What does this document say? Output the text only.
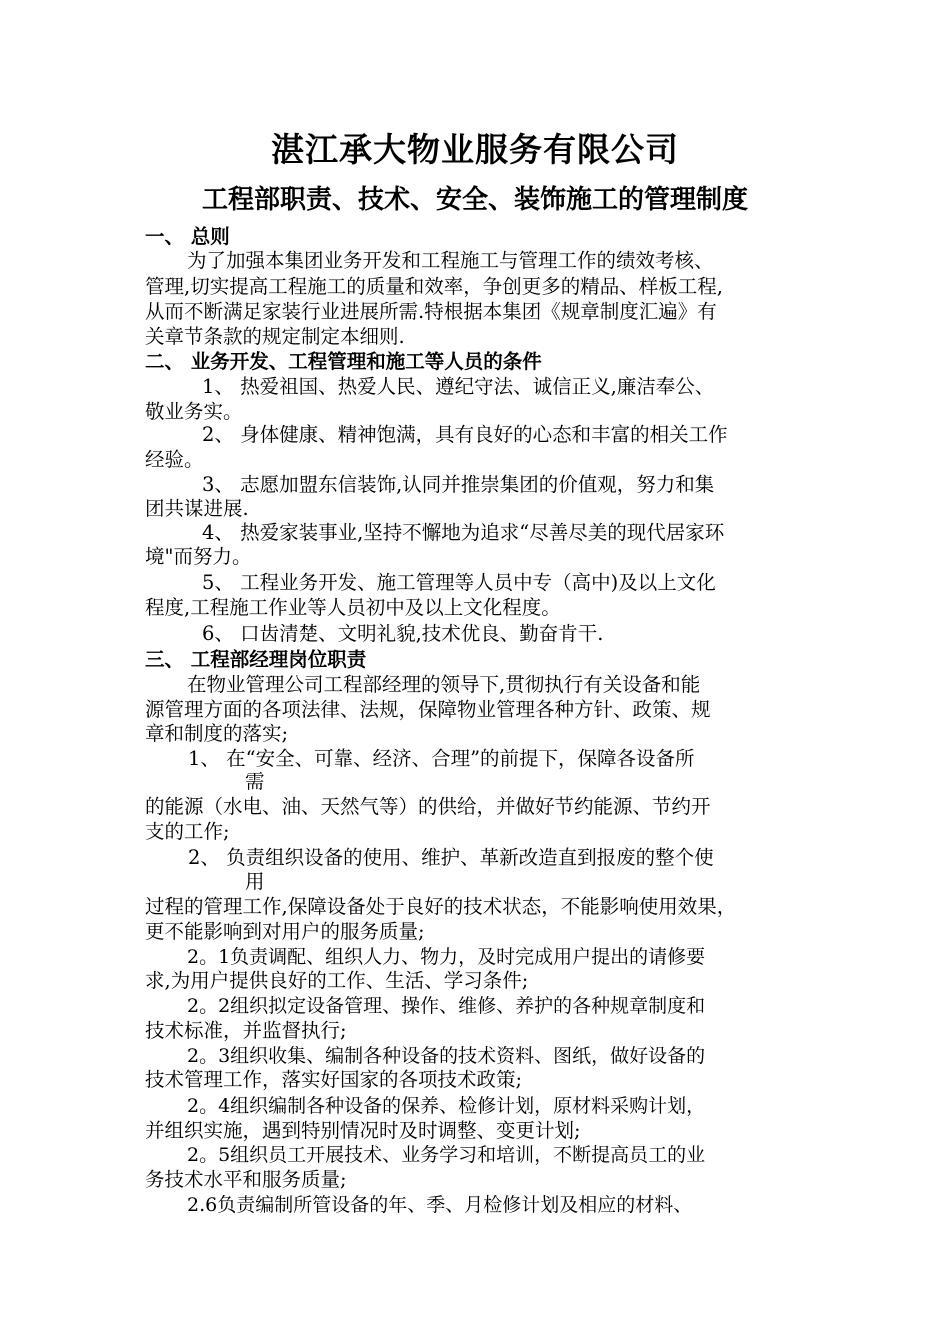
湛江承大物业服务有限公司
工程部职责、技术、安全、装饰施工的管理制度
一、 总则
为了加强本集团业务开发和工程施工与管理工作的绩效考核、
管理,切实提高工程施工的质量和效率，争创更多的精品、样板工程,
从而不断满足家装行业进展所需.特根据本集团《规章制度汇遍》有
关章节条款的规定制定本细则.
二、 业务开发、工程管理和施工等人员的条件
1、 热爱祖国、热爱人民、遵纪守法、诚信正义,廉洁奉公、
敬业务实。
2、 身体健康、精神饱满，具有良好的心态和丰富的相关工作
经验。
3、 志愿加盟东信装饰,认同并推崇集团的价值观，努力和集
团共谋进展.
4、 热爱家装事业,坚持不懈地为追求“尽善尽美的现代居家环
境"而努力。
5、 工程业务开发、施工管理等人员中专（高中)及以上文化
程度,工程施工作业等人员初中及以上文化程度。
6、 口齿清楚、文明礼貌,技术优良、勤奋肯干.
三、 工程部经理岗位职责
在物业管理公司工程部经理的领导下,贯彻执行有关设备和能
源管理方面的各项法律、法规，保障物业管理各种方针、政策、规
章和制度的落实;
1、 在“安全、可靠、经济、合理”的前提下，保障各设备所
需
的能源（水电、油、天然气等）的供给，并做好节约能源、节约开
支的工作;
2、 负责组织设备的使用、维护、革新改造直到报废的整个使
用
过程的管理工作,保障设备处于良好的技术状态，不能影响使用效果，
更不能影响到对用户的服务质量;
2。1负责调配、组织人力、物力，及时完成用户提出的请修要
求,为用户提供良好的工作、生活、学习条件;
2。2组织拟定设备管理、操作、维修、养护的各种规章制度和
技术标准，并监督执行;
2。3组织收集、编制各种设备的技术资料、图纸，做好设备的
技术管理工作，落实好国家的各项技术政策;
2。4组织编制各种设备的保养、检修计划，原材料采购计划，
并组织实施，遇到特别情况时及时调整、变更计划;
2。5组织员工开展技术、业务学习和培训，不断提高员工的业
务技术水平和服务质量;
2.6负责编制所管设备的年、季、月检修计划及相应的材料、
